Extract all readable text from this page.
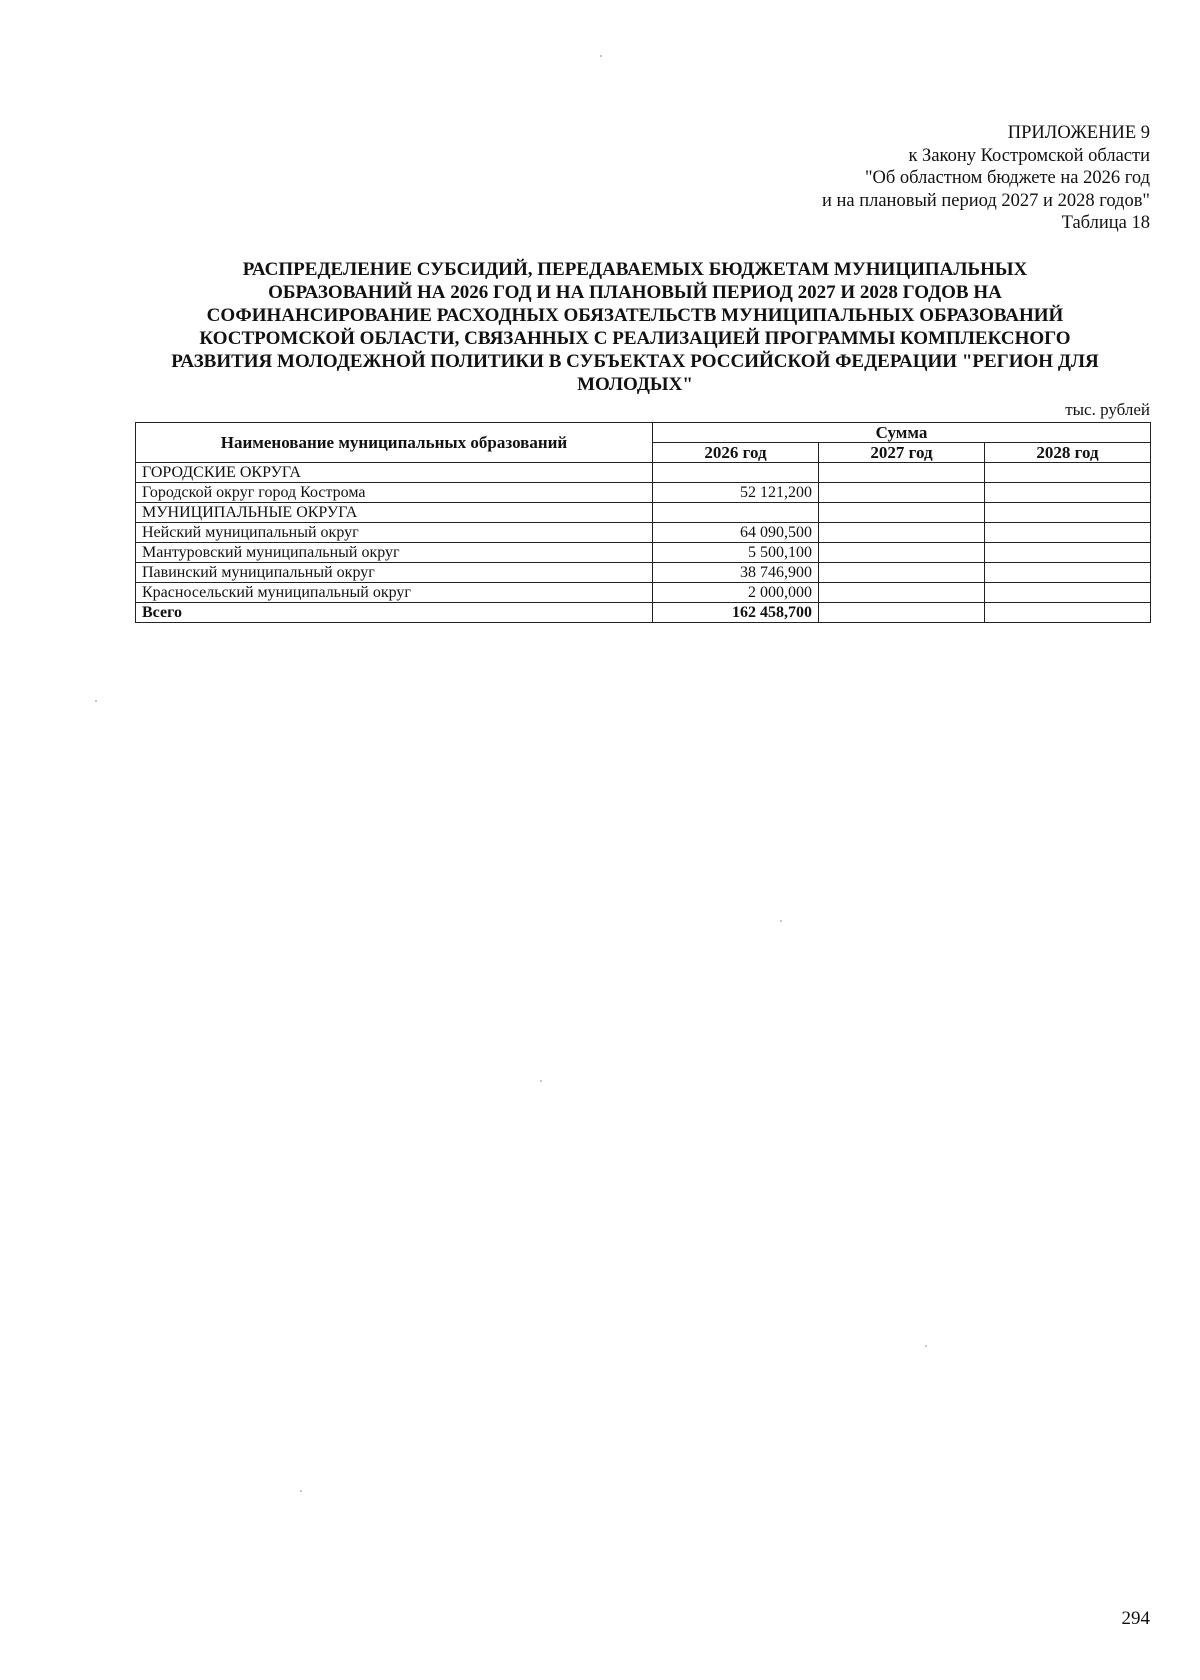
ПРИЛОЖЕНИЕ 9
к Закону Костромской области
"Об областном бюджете на 2026 год
и на плановый период 2027 и 2028 годов"
Таблица 18
РАСПРЕДЕЛЕНИЕ СУБСИДИЙ, ПЕРЕДАВАЕМЫХ БЮДЖЕТАМ МУНИЦИПАЛЬНЫХ
ОБРАЗОВАНИЙ НА 2026 ГОД И НА ПЛАНОВЫЙ ПЕРИОД 2027 И 2028 ГОДОВ НА
СОФИНАНСИРОВАНИЕ РАСХОДНЫХ ОБЯЗАТЕЛЬСТВ МУНИЦИПАЛЬНЫХ ОБРАЗОВАНИЙ
КОСТРОМСКОЙ ОБЛАСТИ, СВЯЗАННЫХ С РЕАЛИЗАЦИЕЙ ПРОГРАММЫ КОМПЛЕКСНОГО
РАЗВИТИЯ МОЛОДЕЖНОЙ ПОЛИТИКИ В СУБЪЕКТАХ РОССИЙСКОЙ ФЕДЕРАЦИИ "РЕГИОН ДЛЯ
МОЛОДЫХ"
тыс. рублей
Наименование муниципальных образований	Сумма		
	2026 год	2027 год	2028 год
ГОРОДСКИЕ ОКРУГА			
Городской округ город Кострома	52 121,200		
МУНИЦИПАЛЬНЫЕ ОКРУГА			
Нейский муниципальный округ	64 090,500		
Мантуровский муниципальный округ	5 500,100		
Павинский муниципальный округ	38 746,900		
Красносельский муниципальный округ	2 000,000		
Всего	162 458,700		
294
